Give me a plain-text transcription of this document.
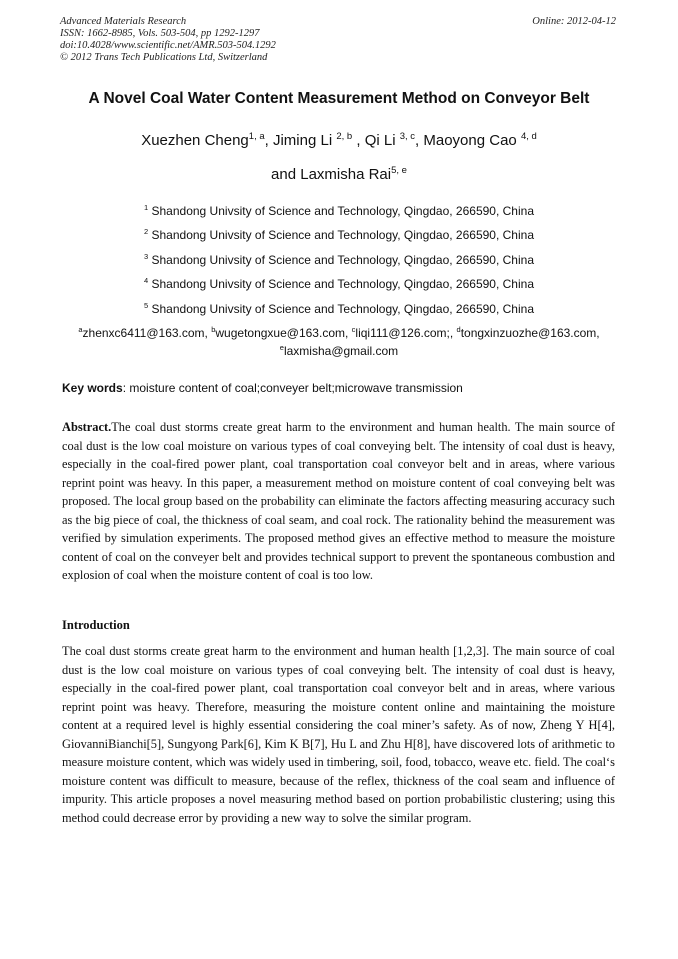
Advanced Materials Research
ISSN: 1662-8985, Vols. 503-504, pp 1292-1297
doi:10.4028/www.scientific.net/AMR.503-504.1292
© 2012 Trans Tech Publications Ltd, Switzerland
Online: 2012-04-12
A Novel Coal Water Content Measurement Method on Conveyor Belt
Xuezhen Cheng$^{1, a}$, Jiming Li $^{2, b}$ , Qi Li $^{3, c}$, Maoyong Cao $^{4, d}$
and Laxmisha Rai$^{5, e}$
$^1$ Shandong Univsity of Science and Technology, Qingdao, 266590, China
$^2$ Shandong Univsity of Science and Technology, Qingdao, 266590, China
$^3$ Shandong Univsity of Science and Technology, Qingdao, 266590, China
$^4$ Shandong Univsity of Science and Technology, Qingdao, 266590, China
$^5$ Shandong Univsity of Science and Technology, Qingdao, 266590, China
$^a$zhenxc6411@163.com, $^b$wugetongxue@163.com, $^c$liqi111@126.com;, $^d$tongxinzuozhe@163.com,
$^e$laxmisha@gmail.com
Key words: moisture content of coal;conveyer belt;microwave transmission
Abstract.The coal dust storms create great harm to the environment and human health. The main source of coal dust is the low coal moisture on various types of coal conveying belt. The intensity of coal dust is heavy, especially in the coal-fired power plant, coal transportation coal conveyor belt and in areas, where various reprint point was heavy. In this paper, a measurement method on moisture content of coal conveying belt was proposed. The local group based on the probability can eliminate the factors affecting measuring accuracy such as the big piece of coal, the thickness of coal seam, and coal rock. The rationality behind the measurement was verified by simulation experiments. The proposed method gives an effective method to measure the moisture content of coal on the conveyer belt and provides technical support to prevent the spontaneous combustion and explosion of coal when the moisture content of coal is too low.
Introduction
The coal dust storms create great harm to the environment and human health [1,2,3]. The main source of coal dust is the low coal moisture on various types of coal conveying belt. The intensity of coal dust is heavy, especially in the coal-fired power plant, coal transportation coal conveyor belt and in areas, where various reprint point was heavy. Therefore, measuring the moisture content online and maintaining the moisture content at a required level is highly essential considering the coal miner’s safety. As of now, Zheng Y H[4], GiovanniBianchi[5], Sungyong Park[6], Kim K B[7], Hu L and Zhu H[8], have discovered lots of arithmetic to measure moisture content, which was widely used in timbering, soil, food, tobacco, weave etc. field. The coal‘s moisture content was difficult to measure, because of the reflex, thickness of the coal seam and influence of impurity. This article proposes a novel measuring method based on portion probabilistic clustering; using this method could decrease error by providing a new way to solve the similar program.
